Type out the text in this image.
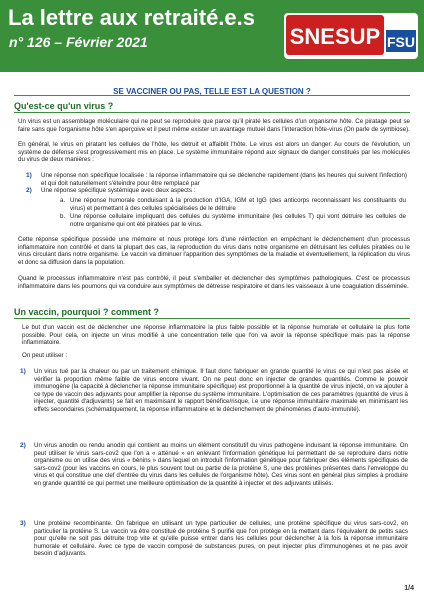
La lettre aux retraité.e.s

n° 126 – Février 2021	SNESUP FSU
SE VACCINER OU PAS, TELLE EST LA QUESTION ?

Qu'est-ce qu'un virus ?

Un virus est un assemblage moléculaire qui ne peut se reproduire que parce qu'il piraté les cellules d'un organisme hôte. Ce piratage peut se faire sans que l'organisme hôte s'en aperçoive et il peut même exister un avantage mutuel dans l'interaction hôte-virus (On parle de symbiose).

En général, le virus en piratant les cellules de l'hôte, les détruit et affaiblit l'hôte. Le virus est alors un danger. Au cours de l'évolution, un système de défense s'est progressivement mis en place. Le système immunitaire répond aux signaux de danger constitués par les molécules du virus de deux manières :

1) Une réponse non spécifique localisée : la réponse inflammatoire qui se déclenche rapidement (dans les heures qui suivent l'infection) et qui doit naturellement s'éteindre pour être remplacé par

2) Une réponse spécifique systémique avec deux aspects :

a. Une réponse humorale conduisant à la production d'IGA, IGM et IgG (des anticorps reconnaissant les constituants du virus) et permettant à des cellules spécialisées de le détruire

b. Une réponse cellulaire impliquant des cellules du système immunitaire (les cellules T) qui vont détruire les cellules de notre organisme qui ont été piratées par le virus.

Cette réponse spécifique possède une mémoire et nous protège lors d'une réinfection en empêchant le déclenchement d'un processus inflammatoire non contrôlé et dans la plupart des cas, la reproduction du virus dans notre organisme en détruisant les cellules piratées ou le virus circulant dans notre organisme. Le vaccin va diminuer l'apparition des symptômes de la maladie et éventuellement, la réplication du virus et donc sa diffusion dans la population.

Quand le processus inflammatoire n'est pas contrôlé, il peut s'emballer et déclencher des symptômes pathologiques. C'est ce processus inflammatoire dans les poumons qui va conduire aux symptômes de détresse respiratoire et dans les vaisseaux à une coagulation disséminée.

Un vaccin, pourquoi ? comment ?

Le but d'un vaccin est de déclencher une réponse inflammatoire la plus faible possible et la réponse humorale et cellulaire la plus forte possible. Pour cela, on injecte un virus modifié à une concentration telle que l'on va avoir la réponse spécifique mais pas la réponse inflammatoire.

On peut utiliser :

1) Un virus tué par la chaleur ou par un traitement chimique. Il faut donc fabriquer en grande quantité le virus ce qui n'est pas aisée et vérifier la proportion même faible de virus encore vivant. On ne peut donc en injecter de grandes quantités. Comme le pouvoir immunogène (la capacité à déclencher la réponse immunitaire spécifique) est proportionnel à la quantité de virus injecté, on va ajouter à ce type de vaccin des adjuvants pour amplifier la réponse du système immunitaire. L'optimisation de ces paramètres (quantité de virus à injecter, quantité d'adjuvants) se fait en maximisant le rapport bénéfice/risque, i.e une réponse immunitaire maximale en minimisant les effets secondaires (schématiquement, la réponse inflammatoire et le déclenchement de phénomènes d'auto-immunité).

2) Un virus anodin ou rendu anodin qui contient au moins un élément constitutif du virus pathogène induisant la réponse immunitaire. On peut utiliser le virus sars-cov2 que l'on a « atténué » en enlevant l'information génétique lui permettant de se reproduire dans notre organisme ou on utilise des virus « bénins » dans lequel on introduit l'information génétique pour fabriquer des éléments spécifiques de sars-cov2 (pour les vaccins en cours, le plus souvent tout ou partie de la protéine S, une des protéines présentes dans l'enveloppe du virus et qui constitue une clef d'entrée du virus dans les cellules de l'organisme hôte). Ces virus sont en général plus simples à produire en grande quantité ce qui permet une meilleure optimisation de la quantité à injecter et des adjuvants utilisés.

3) Une protéine recombinante. On fabrique en utilisant un type particulier de cellules, une protéine spécifique du virus sars-cov2, en particulier la protéine S. Le vaccin va être constitué de protéine S purifié que l'on protège en la mettant dans l'équivalent de petits sacs pour qu'elle ne soit pas détruite trop vite et qu'elle puisse entrer dans les cellules pour déclencher à la fois la réponse immunitaire humorale et cellulaire. Avec ce type de vaccin composé de substances pures, on peut injecter plus d'immunogènes et ne pas avoir besoin d'adjuvants.

1/4
